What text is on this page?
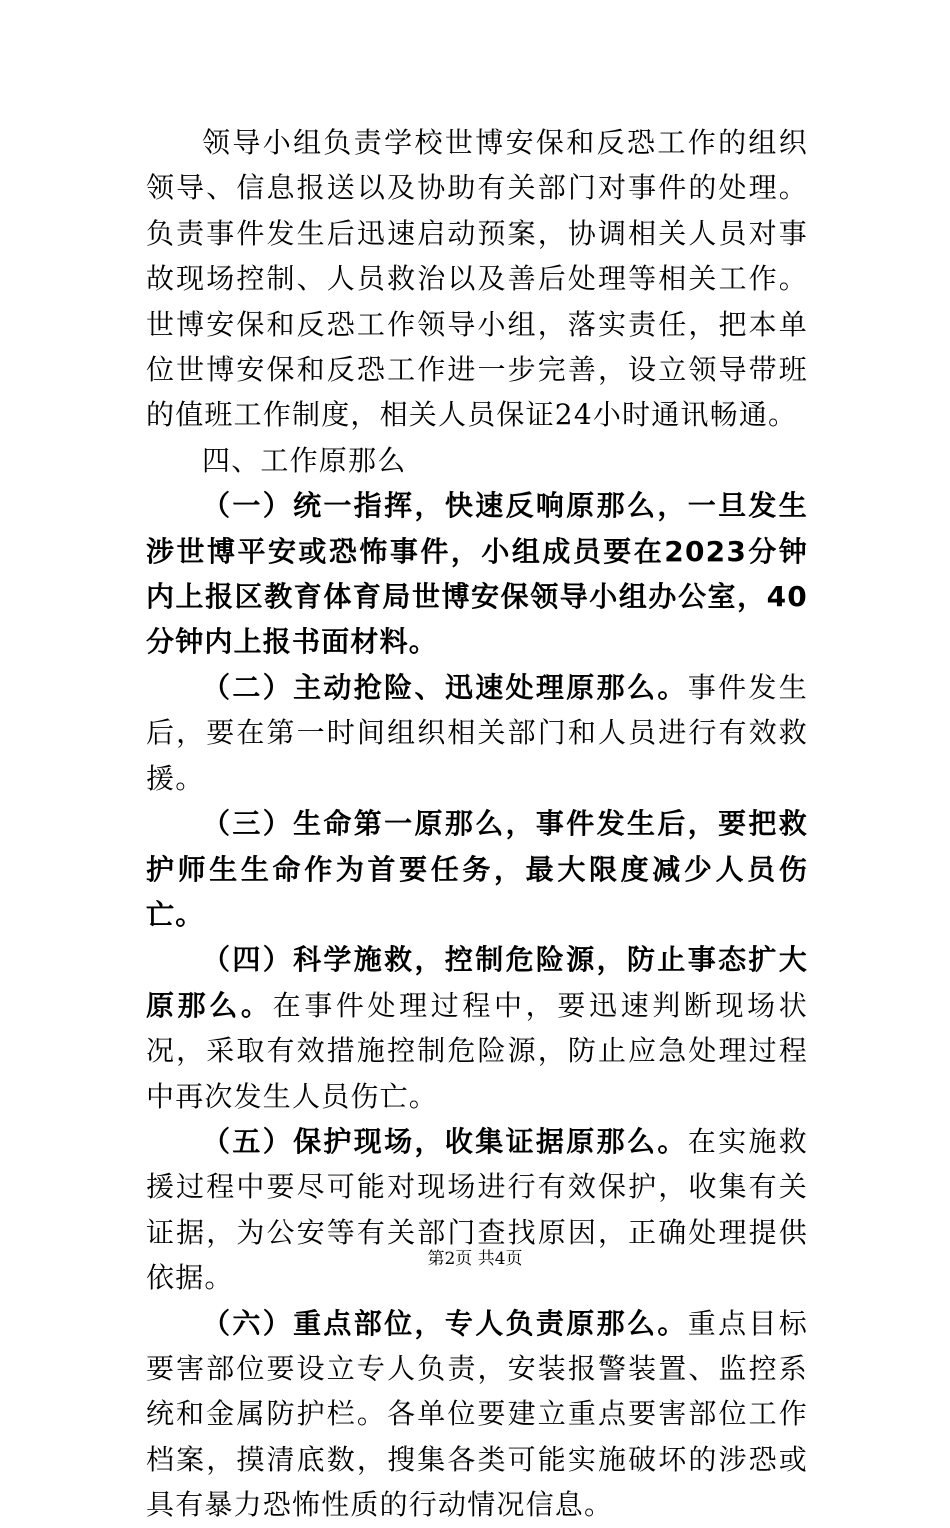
领导小组负责学校世博安保和反恐工作的组织领导、信息报送以及协助有关部门对事件的处理。负责事件发生后迅速启动预案，协调相关人员对事故现场控制、人员救治以及善后处理等相关工作。世博安保和反恐工作领导小组，落实责任，把本单位世博安保和反恐工作进一步完善，设立领导带班的值班工作制度，相关人员保证24小时通讯畅通。

四、工作原那么

（一）统一指挥，快速反响原那么，一旦发生涉世博平安或恐怖事件，小组成员要在2023分钟内上报区教育体育局世博安保领导小组办公室，40分钟内上报书面材料。

（二）主动抢险、迅速处理原那么。事件发生后，要在第一时间组织相关部门和人员进行有效救援。

（三）生命第一原那么，事件发生后，要把救护师生生命作为首要任务，最大限度减少人员伤亡。

（四）科学施救，控制危险源，防止事态扩大原那么。在事件处理过程中，要迅速判断现场状况，采取有效措施控制危险源，防止应急处理过程中再次发生人员伤亡。

（五）保护现场，收集证据原那么。在实施救援过程中要尽可能对现场进行有效保护，收集有关证据，为公安等有关部门查找原因，正确处理提供依据。

（六）重点部位，专人负责原那么。重点目标要害部位要设立专人负责，安装报警装置、监控系统和金属防护栏。各单位要建立重点要害部位工作档案，摸清底数，搜集各类可能实施破坏的涉恐或具有暴力恐怖性质的行动情况信息。

第2页 共4页
